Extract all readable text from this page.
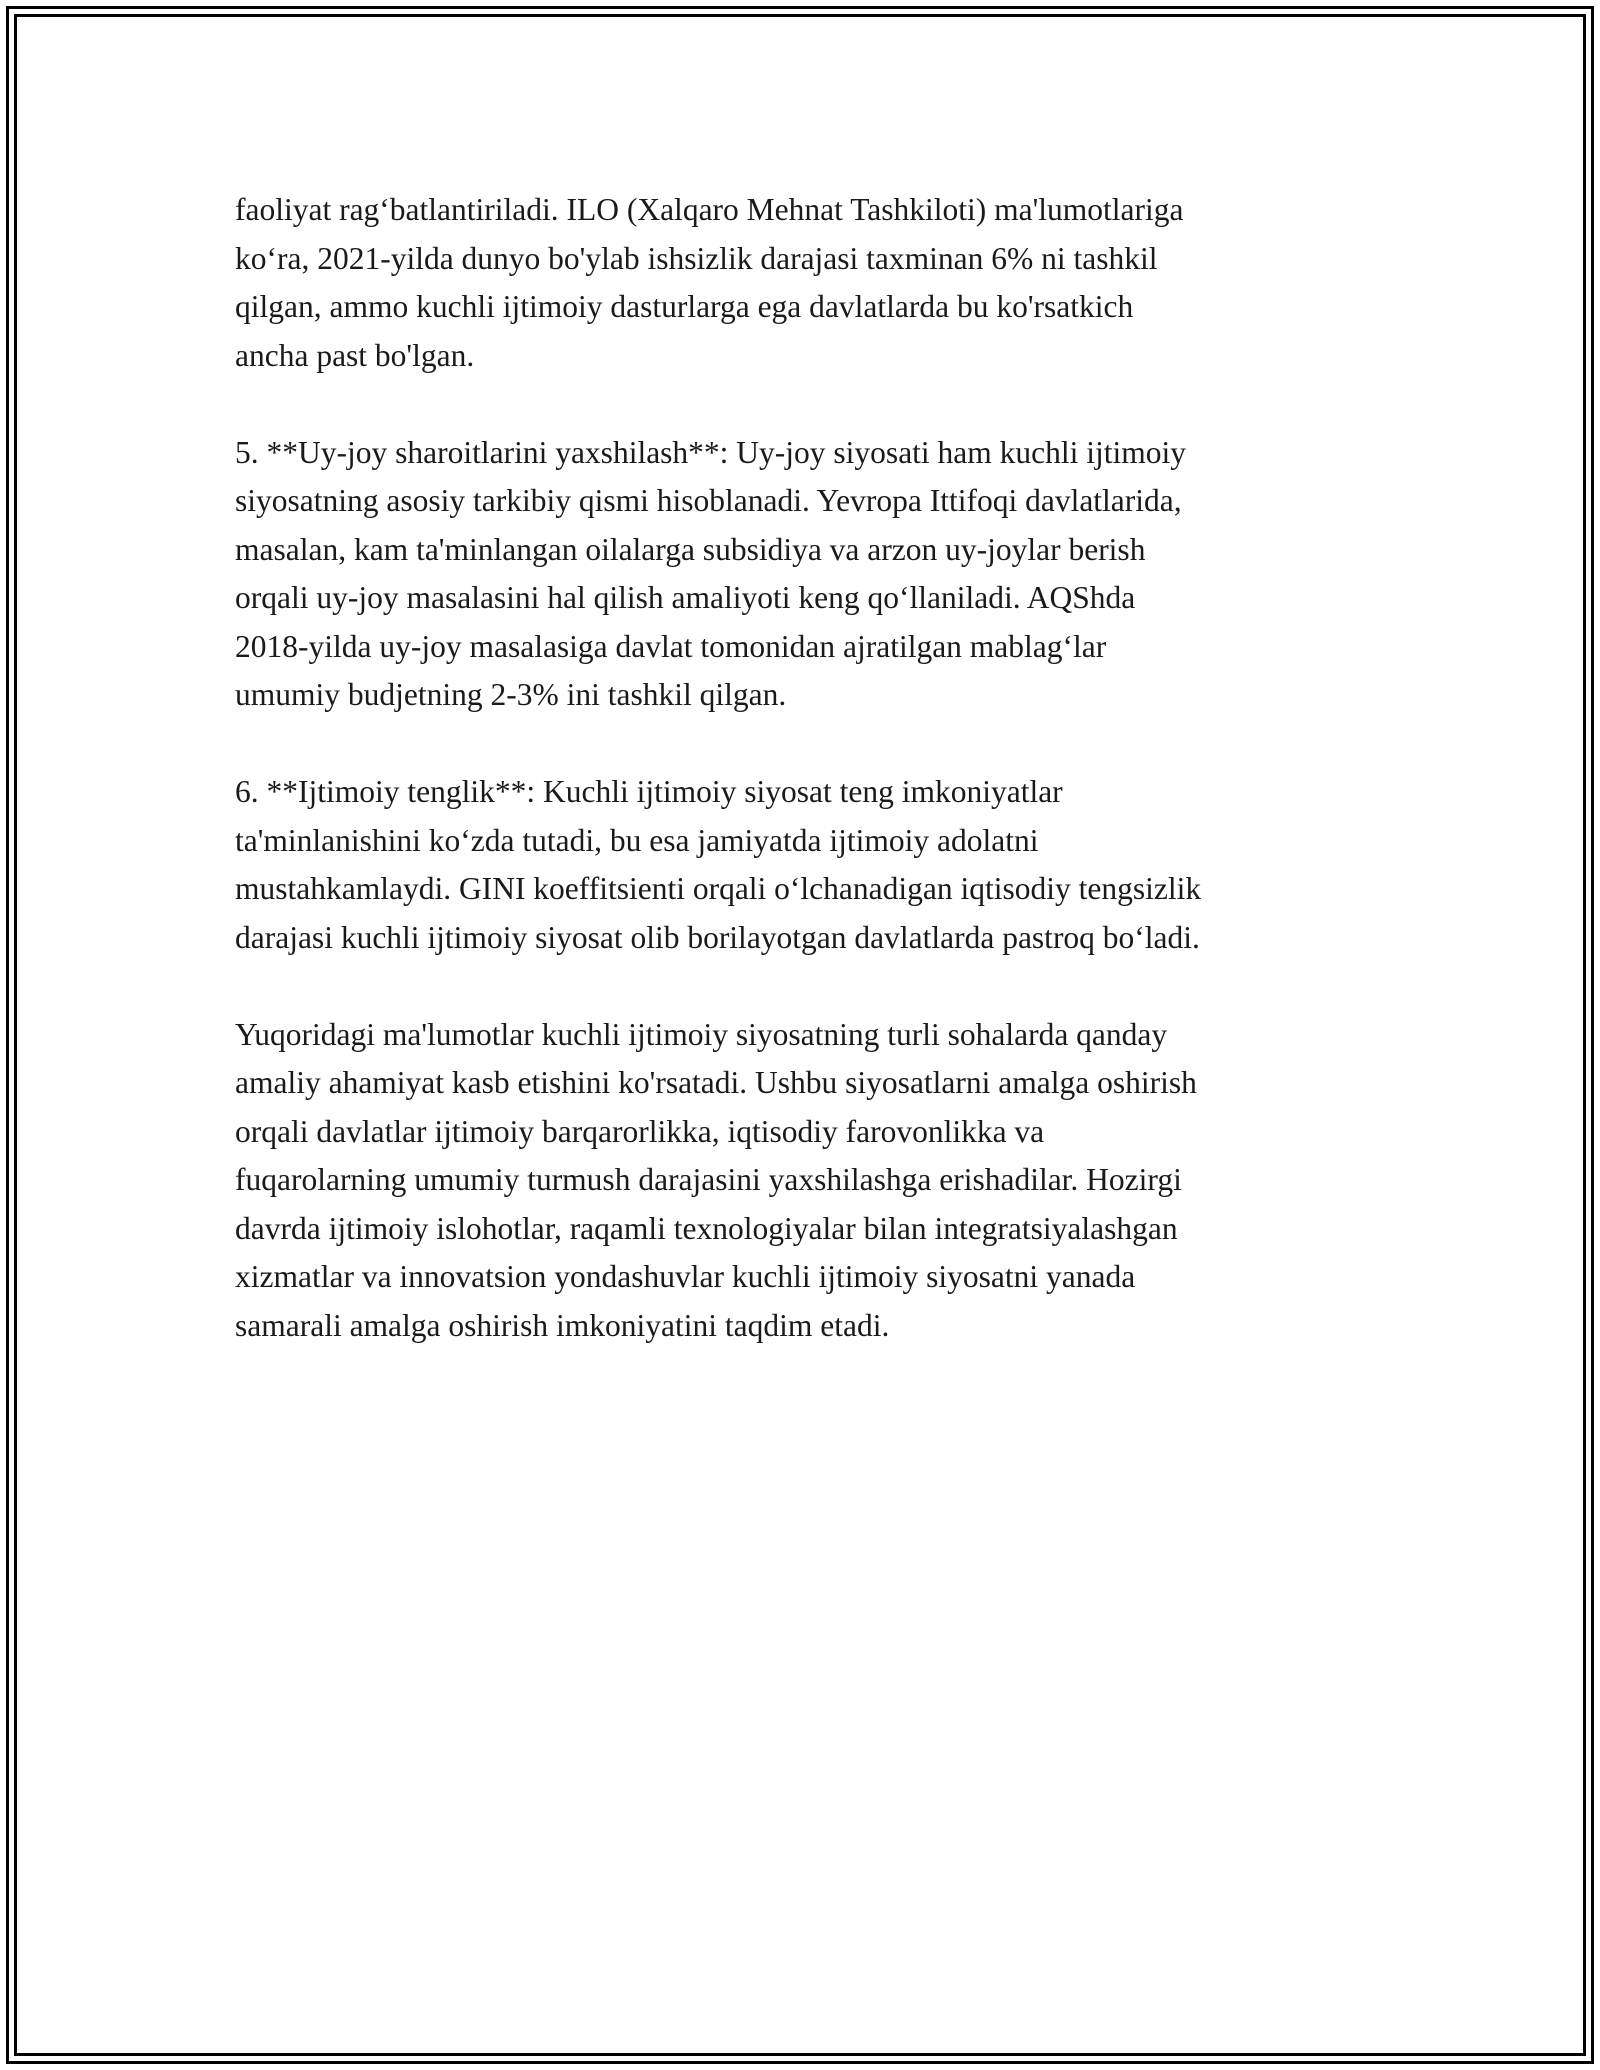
faoliyat rag‘batlantiriladi. ILO (Xalqaro Mehnat Tashkiloti) ma'lumotlariga
ko‘ra, 2021-yilda dunyo bo'ylab ishsizlik darajasi taxminan 6% ni tashkil
qilgan, ammo kuchli ijtimoiy dasturlarga ega davlatlarda bu ko'rsatkich
ancha past bo'lgan.

5. **Uy-joy sharoitlarini yaxshilash**: Uy-joy siyosati ham kuchli ijtimoiy
siyosatning asosiy tarkibiy qismi hisoblanadi. Yevropa Ittifoqi davlatlarida,
masalan, kam ta'minlangan oilalarga subsidiya va arzon uy-joylar berish
orqali uy-joy masalasini hal qilish amaliyoti keng qo‘llaniladi. AQShda
2018-yilda uy-joy masalasiga davlat tomonidan ajratilgan mablag‘lar
umumiy budjetning 2-3% ini tashkil qilgan.

6. **Ijtimoiy tenglik**: Kuchli ijtimoiy siyosat teng imkoniyatlar
ta'minlanishini ko‘zda tutadi, bu esa jamiyatda ijtimoiy adolatni
mustahkamlaydi. GINI koeffitsienti orqali o‘lchanadigan iqtisodiy tengsizlik
darajasi kuchli ijtimoiy siyosat olib borilayotgan davlatlarda pastroq bo‘ladi.

Yuqoridagi ma'lumotlar kuchli ijtimoiy siyosatning turli sohalarda qanday
amaliy ahamiyat kasb etishini ko'rsatadi. Ushbu siyosatlarni amalga oshirish
orqali davlatlar ijtimoiy barqarorlikka, iqtisodiy farovonlikka va
fuqarolarning umumiy turmush darajasini yaxshilashga erishadilar. Hozirgi
davrda ijtimoiy islohotlar, raqamli texnologiyalar bilan integratsiyalashgan
xizmatlar va innovatsion yondashuvlar kuchli ijtimoiy siyosatni yanada
samarali amalga oshirish imkoniyatini taqdim etadi.
